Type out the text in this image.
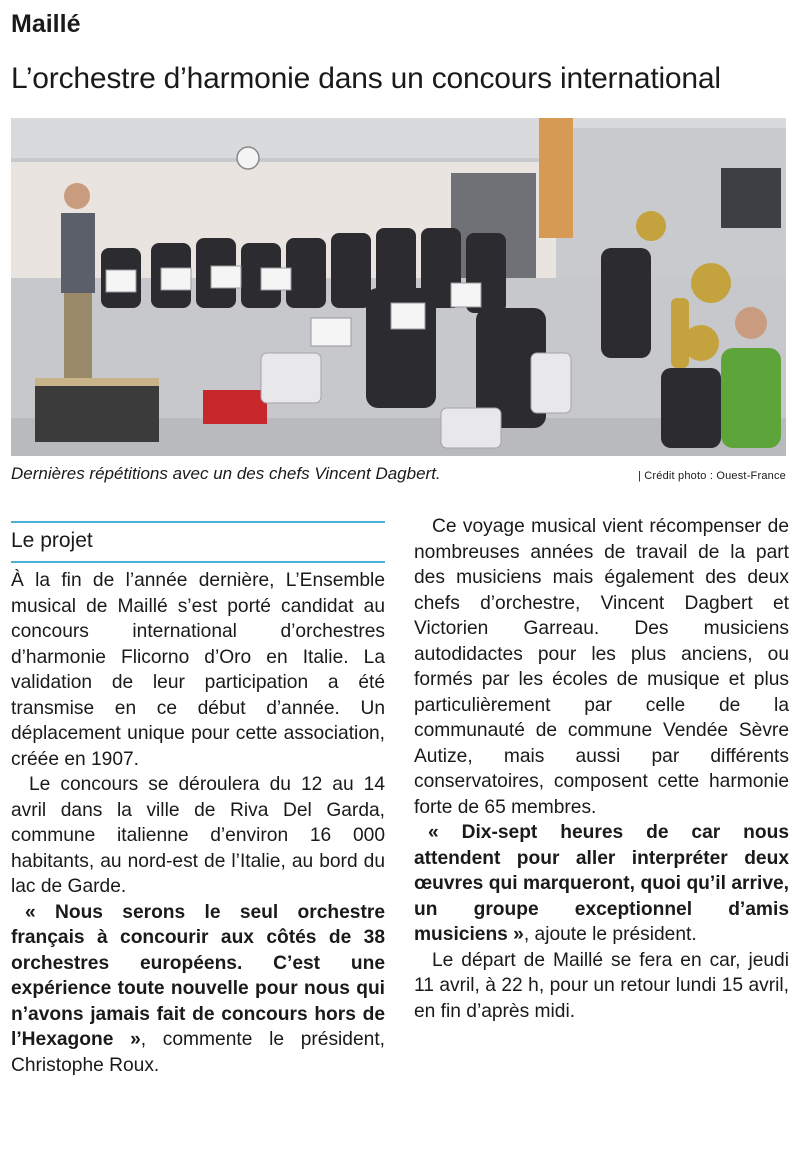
Maillé
L’orchestre d’harmonie dans un concours international
Dernières répétitions avec un des chefs Vincent Dagbert.	| Crédit photo : Ouest-France
Le projet

À la fin de l’année dernière, L’Ensemble musical de Maillé s’est porté candidat au concours international d’orchestres d’harmonie Flicorno d’Oro en Italie. La validation de leur participation a été transmise en ce début d’année. Un déplacement unique pour cette association, créée en 1907.

Le concours se déroulera du 12 au 14 avril dans la ville de Riva Del Garda, commune italienne d’environ 16 000 habitants, au nord-est de l’Italie, au bord du lac de Garde.

« Nous serons le seul orchestre français à concourir aux côtés de 38 orchestres européens. C’est une expérience toute nouvelle pour nous qui n’avons jamais fait de concours hors de l’Hexagone », commente le président, Christophe Roux.

Ce voyage musical vient récompenser de nombreuses années de travail de la part des musiciens mais également des deux chefs d’orchestre, Vincent Dagbert et Victorien Garreau. Des musiciens autodidactes pour les plus anciens, ou formés par les écoles de musique et plus particulièrement par celle de la communauté de commune Vendée Sèvre Autize, mais aussi par différents conservatoires, composent cette harmonie forte de 65 membres.

« Dix-sept heures de car nous attendent pour aller interpréter deux œuvres qui marqueront, quoi qu’il arrive, un groupe exceptionnel d’amis musiciens », ajoute le président.

Le départ de Maillé se fera en car, jeudi 11 avril, à 22 h, pour un retour lundi 15 avril, en fin d’après midi.
